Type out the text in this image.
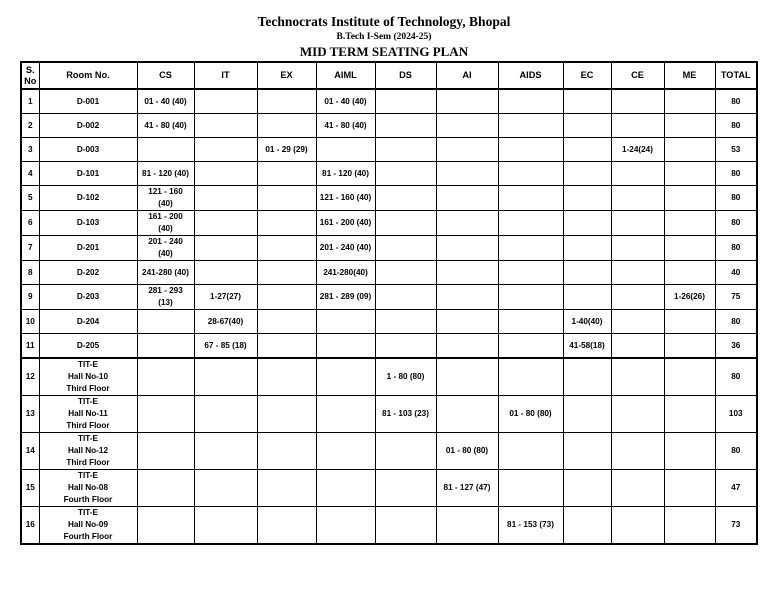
Technocrats Institute of Technology, Bhopal
B.Tech I-Sem (2024-25)
MID TERM SEATING PLAN
S. No	Room No.	CS	IT	EX	AIML	DS	AI	AIDS	EC	CE	ME	TOTAL
1	D-001	01 - 40 (40)			01 - 40 (40)							80
2	D-002	41 - 80 (40)			41 - 80 (40)							80
3	D-003			01 - 29 (29)						1-24(24)		53
4	D-101	81 - 120 (40)			81 - 120 (40)							80
5	D-102	121 - 160
(40)			121 - 160 (40)							80
6	D-103	161 - 200
(40)			161 - 200 (40)							80
7	D-201	201 - 240
(40)			201 - 240 (40)							80
8	D-202	241-280 (40)			241-280(40)							40
9	D-203	281 - 293
(13)	1-27(27)		281 - 289 (09)						1-26(26)	75
10	D-204		28-67(40)						1-40(40)			80
11	D-205		67 - 85 (18)						41-58(18)			36
12	TIT-E
Hall No-10
Third Floor					1 - 80 (80)						80
13	TIT-E
Hall No-11
Third Floor					81 - 103 (23)		01 - 80 (80)				103
14	TIT-E
Hall No-12
Third Floor						01 - 80 (80)					80
15	TIT-E
Hall No-08
Fourth Floor						81 - 127 (47)					47
16	TIT-E
Hall No-09
Fourth Floor							81 - 153 (73)				73
